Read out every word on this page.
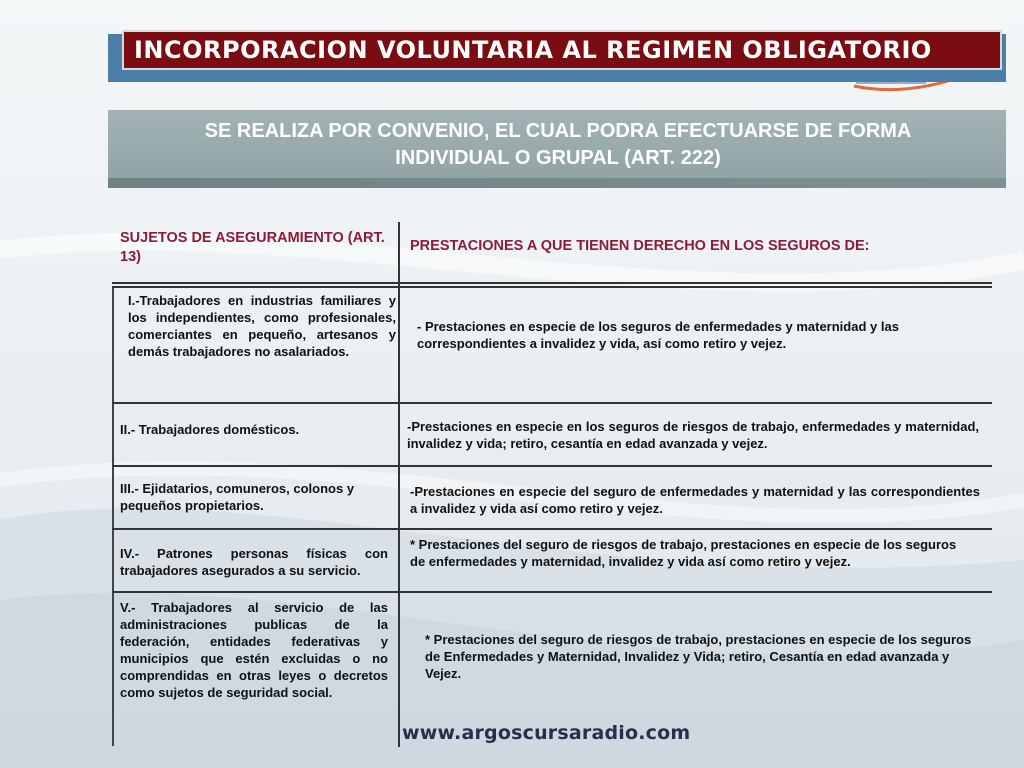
INCORPORACION VOLUNTARIA AL REGIMEN OBLIGATORIO
SE REALIZA POR CONVENIO, EL CUAL PODRA EFECTUARSE DE FORMA INDIVIDUAL O GRUPAL (ART. 222)
SUJETOS DE ASEGURAMIENTO (ART. 13)
PRESTACIONES A QUE TIENEN DERECHO EN LOS SEGUROS DE:
I.-Trabajadores en industrias familiares y los independientes, como profesionales, comerciantes en pequeño, artesanos y demás trabajadores no asalariados.
- Prestaciones en especie de los seguros de enfermedades y maternidad y las correspondientes a invalidez y vida, así como retiro y vejez.
II.- Trabajadores domésticos.	-Prestaciones en especie en los seguros de riesgos de trabajo, enfermedades y maternidad, invalidez y vida; retiro, cesantía en edad avanzada y vejez.
III.- Ejidatarios, comuneros, colonos y pequeños propietarios.
-Prestaciones en especie del seguro de enfermedades y maternidad y las correspondientes a invalidez y vida así como retiro y vejez.
IV.- Patrones personas físicas con trabajadores asegurados a su servicio.
* Prestaciones del seguro de riesgos de trabajo, prestaciones en especie de los seguros de enfermedades y maternidad, invalidez y vida así como retiro y vejez.
V.- Trabajadores al servicio de las administraciones publicas de la federación, entidades federativas y municipios que estén excluidas o no comprendidas en otras leyes o decretos como sujetos de seguridad social.
* Prestaciones del seguro de riesgos de trabajo, prestaciones en especie de los seguros de Enfermedades y Maternidad, Invalidez y Vida; retiro, Cesantía en edad avanzada y Vejez.
www.argoscursaradio.com
